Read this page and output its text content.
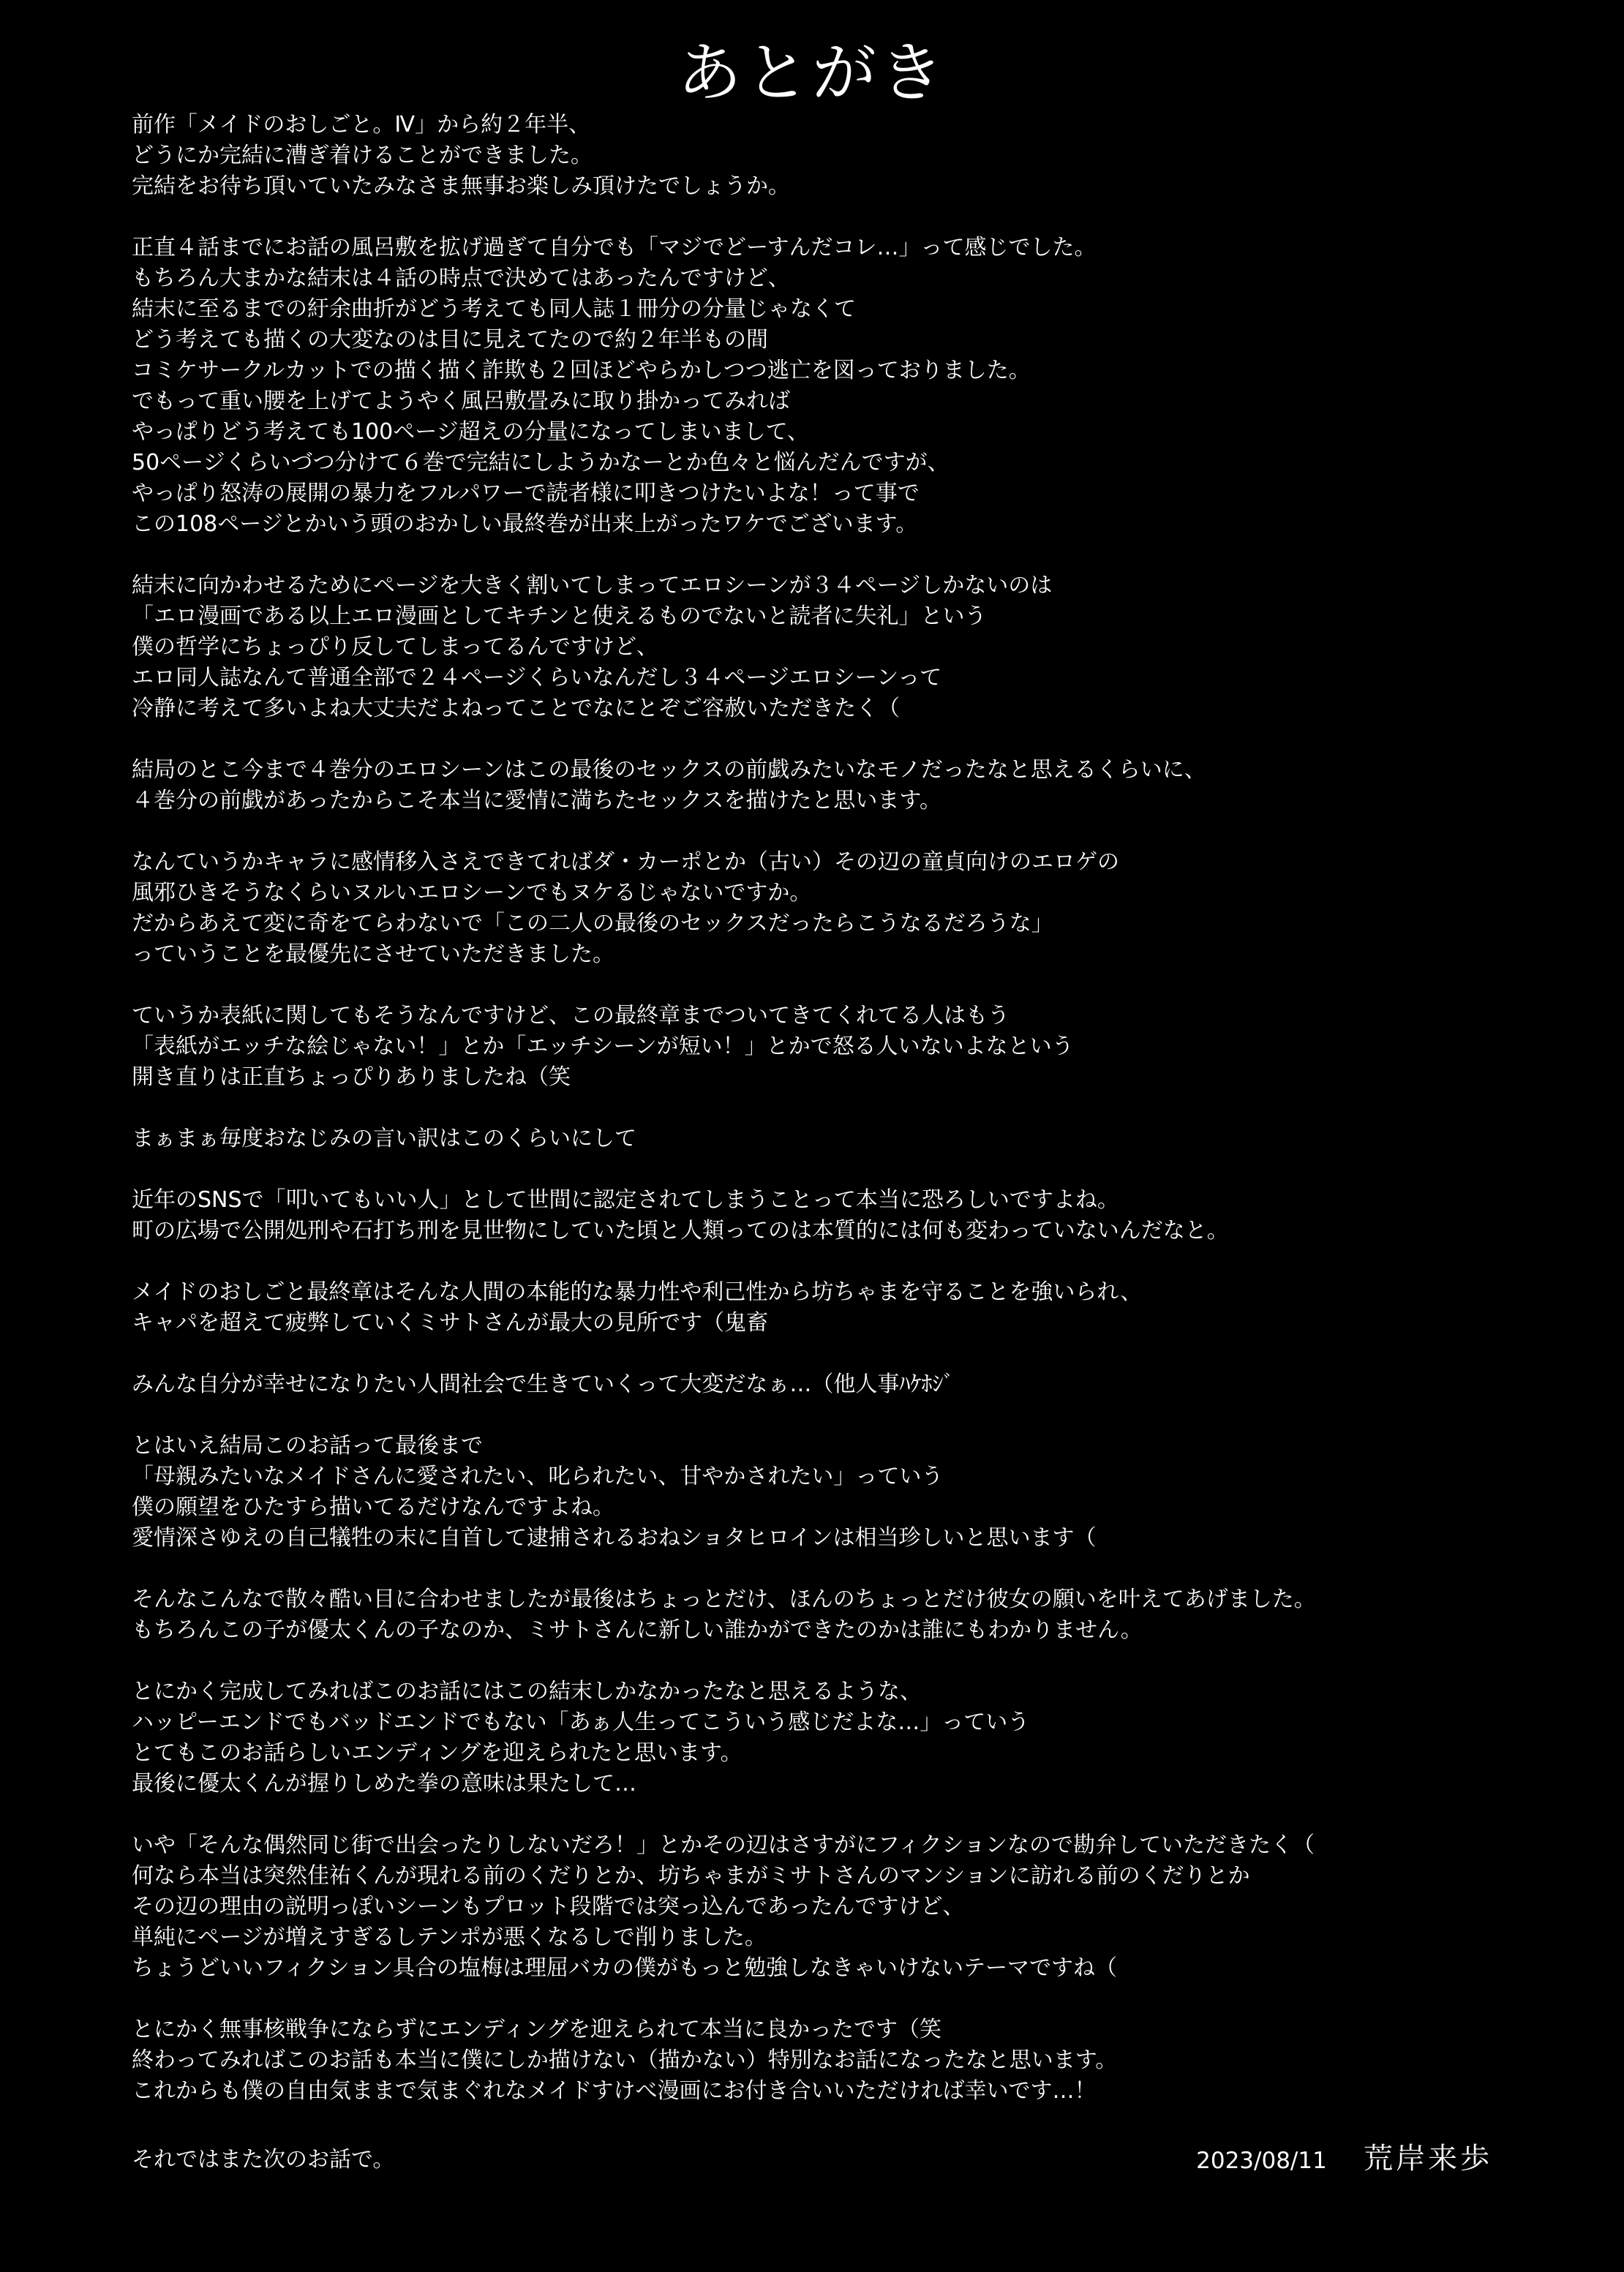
あとがき
前作「メイドのおしごと。Ⅳ」から約２年半、
どうにか完結に漕ぎ着けることができました。
完結をお待ち頂いていたみなさま無事お楽しみ頂けたでしょうか。
正直４話までにお話の風呂敷を拡げ過ぎて自分でも「マジでどーすんだコレ…」って感じでした。
もちろん大まかな結末は４話の時点で決めてはあったんですけど、
結末に至るまでの紆余曲折がどう考えても同人誌１冊分の分量じゃなくて
どう考えても描くの大変なのは目に見えてたので約２年半もの間
コミケサークルカットでの描く描く詐欺も２回ほどやらかしつつ逃亡を図っておりました。
でもって重い腰を上げてようやく風呂敷畳みに取り掛かってみれば
やっぱりどう考えても100ページ超えの分量になってしまいまして、
50ページくらいづつ分けて６巻で完結にしようかなーとか色々と悩んだんですが、
やっぱり怒涛の展開の暴力をフルパワーで読者様に叩きつけたいよな！って事で
この108ページとかいう頭のおかしい最終巻が出来上がったワケでございます。
結末に向かわせるためにページを大きく割いてしまってエロシーンが３４ページしかないのは
「エロ漫画である以上エロ漫画としてキチンと使えるものでないと読者に失礼」という
僕の哲学にちょっぴり反してしまってるんですけど、
エロ同人誌なんて普通全部で２４ページくらいなんだし３４ページエロシーンって
冷静に考えて多いよね大丈夫だよねってことでなにとぞご容赦いただきたく（
結局のとこ今まで４巻分のエロシーンはこの最後のセックスの前戯みたいなモノだったなと思えるくらいに、
４巻分の前戯があったからこそ本当に愛情に満ちたセックスを描けたと思います。
なんていうかキャラに感情移入さえできてればダ・カーポとか（古い）その辺の童貞向けのエロゲの
風邪ひきそうなくらいヌルいエロシーンでもヌケるじゃないですか。
だからあえて変に奇をてらわないで「この二人の最後のセックスだったらこうなるだろうな」
っていうことを最優先にさせていただきました。
ていうか表紙に関してもそうなんですけど、この最終章までついてきてくれてる人はもう
「表紙がエッチな絵じゃない！」とか「エッチシーンが短い！」とかで怒る人いないよなという
開き直りは正直ちょっぴりありましたね（笑
まぁまぁ毎度おなじみの言い訳はこのくらいにして
近年のSNSで「叩いてもいい人」として世間に認定されてしまうことって本当に恐ろしいですよね。
町の広場で公開処刑や石打ち刑を見世物にしていた頃と人類ってのは本質的には何も変わっていないんだなと。
メイドのおしごと最終章はそんな人間の本能的な暴力性や利己性から坊ちゃまを守ることを強いられ、
キャパを超えて疲弊していくミサトさんが最大の見所です（鬼畜
みんな自分が幸せになりたい人間社会で生きていくって大変だなぁ…（他人事ﾊｹﾎｼﾞ
とはいえ結局このお話って最後まで
「母親みたいなメイドさんに愛されたい、叱られたい、甘やかされたい」っていう
僕の願望をひたすら描いてるだけなんですよね。
愛情深さゆえの自己犠牲の末に自首して逮捕されるおねショタヒロインは相当珍しいと思います（
そんなこんなで散々酷い目に合わせましたが最後はちょっとだけ、ほんのちょっとだけ彼女の願いを叶えてあげました。
もちろんこの子が優太くんの子なのか、ミサトさんに新しい誰かができたのかは誰にもわかりません。
とにかく完成してみればこのお話にはこの結末しかなかったなと思えるような、
ハッピーエンドでもバッドエンドでもない「あぁ人生ってこういう感じだよな…」っていう
とてもこのお話らしいエンディングを迎えられたと思います。
最後に優太くんが握りしめた拳の意味は果たして…
いや「そんな偶然同じ街で出会ったりしないだろ！」とかその辺はさすがにフィクションなので勘弁していただきたく（
何なら本当は突然佳祐くんが現れる前のくだりとか、坊ちゃまがミサトさんのマンションに訪れる前のくだりとか
その辺の理由の説明っぽいシーンもプロット段階では突っ込んであったんですけど、
単純にページが増えすぎるしテンポが悪くなるしで削りました。
ちょうどいいフィクション具合の塩梅は理屈バカの僕がもっと勉強しなきゃいけないテーマですね（
とにかく無事核戦争にならずにエンディングを迎えられて本当に良かったです（笑
終わってみればこのお話も本当に僕にしか描けない（描かない）特別なお話になったなと思います。
これからも僕の自由気ままで気まぐれなメイドすけべ漫画にお付き合いいただければ幸いです…！
それではまた次のお話で。	2023/08/11 荒岸来歩
